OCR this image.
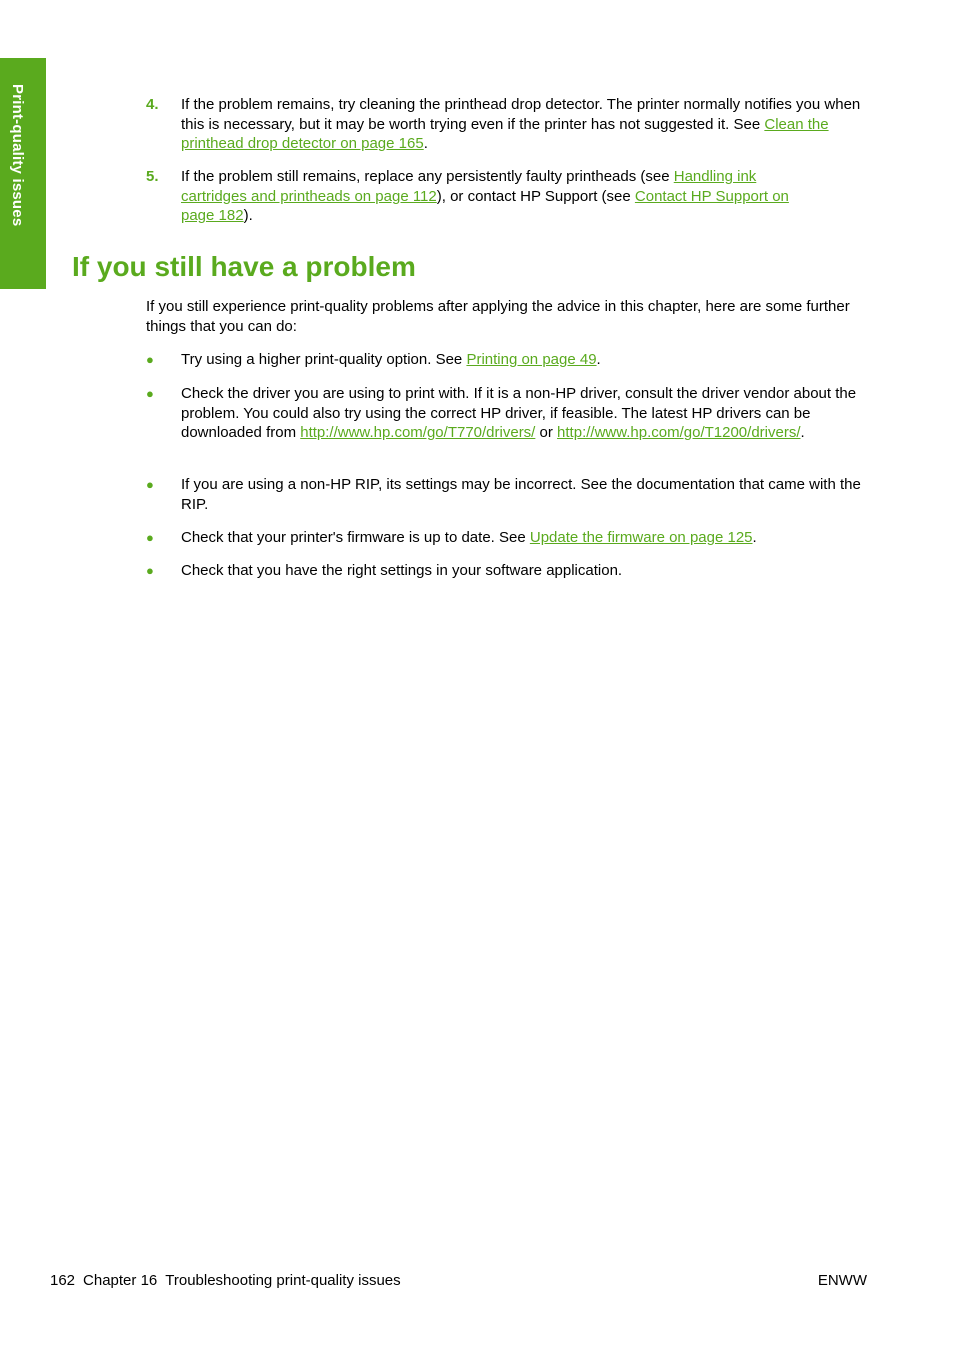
Print-quality issues	4. If the problem remains, try cleaning the printhead drop detector. The printer normally notifies you when this is necessary, but it may be worth trying even if the printer has not suggested it. See Clean the printhead drop detector on page 165.
5. If the problem still remains, replace any persistently faulty printheads (see Handling ink cartridges and printheads on page 112), or contact HP Support (see Contact HP Support on page 182).
If you still have a problem
If you still experience print-quality problems after applying the advice in this chapter, here are some further things that you can do:
● Try using a higher print-quality option. See Printing on page 49.
● Check the driver you are using to print with. If it is a non-HP driver, consult the driver vendor about the problem. You could also try using the correct HP driver, if feasible. The latest HP drivers can be downloaded from http://www.hp.com/go/T770/drivers/ or http://www.hp.com/go/T1200/drivers/.
● If you are using a non-HP RIP, its settings may be incorrect. See the documentation that came with the RIP.
● Check that your printer's firmware is up to date. See Update the firmware on page 125.
● Check that you have the right settings in your software application.
162 Chapter 16 Troubleshooting print-quality issues	ENWW
